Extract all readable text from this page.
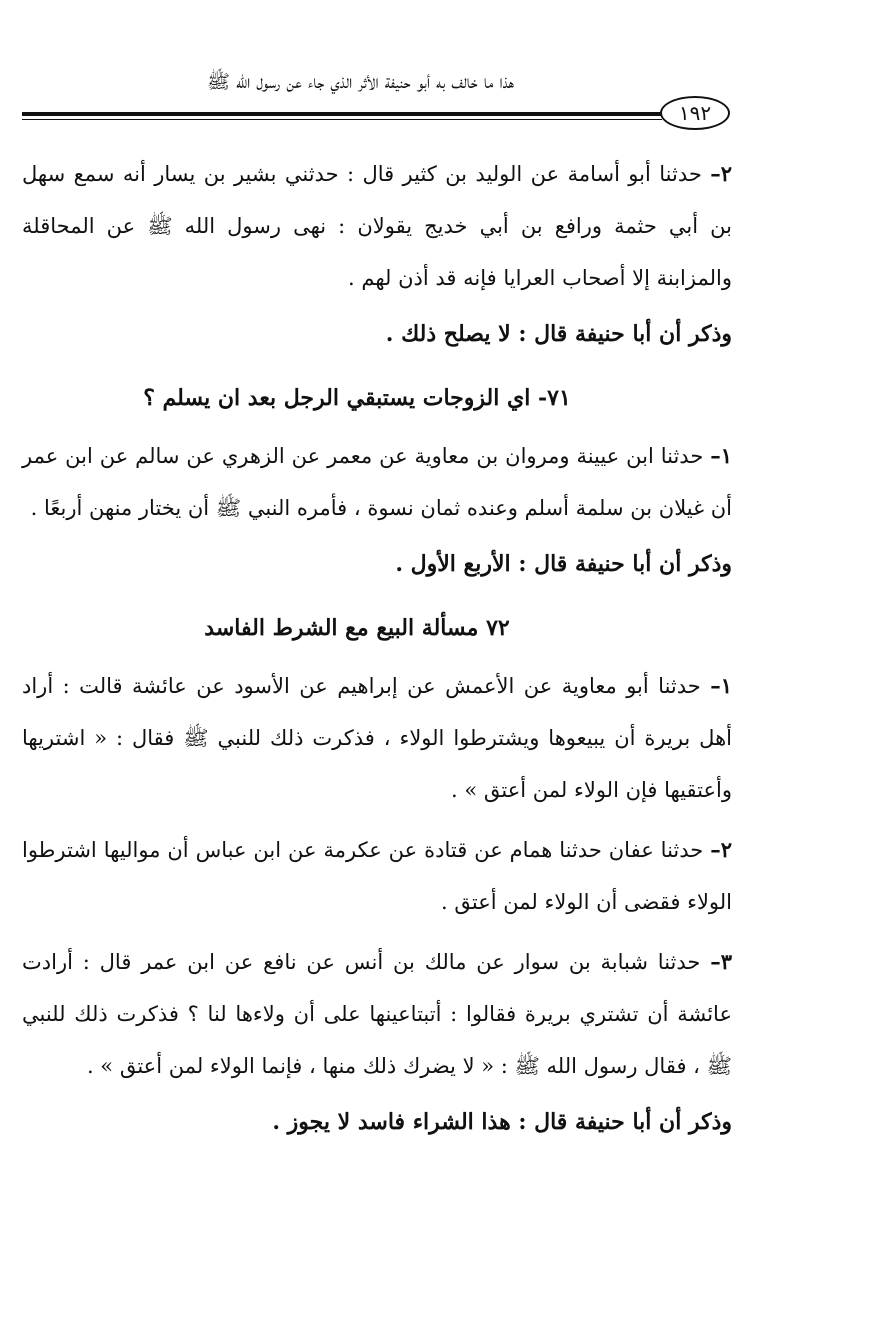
هذا ما خالف به أبو حنيفة الأثر الذي جاء عن رسول الله ﷺ
١٩٢

٢– حدثنا أبو أسامة عن الوليد بن كثير قال : حدثني بشير بن يسار أنه سمع سهل بن أبي حثمة ورافع بن أبي خديج يقولان : نهى رسول الله ﷺ عن المحاقلة والمزابنة إلا أصحاب العرايا فإنه قد أذن لهم .

وذكر أن أبا حنيفة قال : لا يصلح ذلك .

٧١- اي الزوجات يستبقي الرجل بعد ان يسلم ؟

١– حدثنا ابن عيينة ومروان بن معاوية عن معمر عن الزهري عن سالم عن ابن عمر أن غيلان بن سلمة أسلم وعنده ثمان نسوة ، فأمره النبي ﷺ أن يختار منهن أربعًا .

وذكر أن أبا حنيفة قال : الأربع الأول .

٧٢ مسألة البيع مع الشرط الفاسد

١– حدثنا أبو معاوية عن الأعمش عن إبراهيم عن الأسود عن عائشة قالت : أراد أهل بريرة أن يبيعوها ويشترطوا الولاء ، فذكرت ذلك للنبي ﷺ فقال : « اشتريها وأعتقيها فإن الولاء لمن أعتق » .

٢– حدثنا عفان حدثنا همام عن قتادة عن عكرمة عن ابن عباس أن مواليها اشترطوا الولاء فقضى أن الولاء لمن أعتق .

٣– حدثنا شبابة بن سوار عن مالك بن أنس عن نافع عن ابن عمر قال : أرادت عائشة أن تشتري بريرة فقالوا : أتبتاعينها على أن ولاءها لنا ؟ فذكرت ذلك للنبي ﷺ ، فقال رسول الله ﷺ : « لا يضرك ذلك منها ، فإنما الولاء لمن أعتق » .

وذكر أن أبا حنيفة قال : هذا الشراء فاسد لا يجوز .
